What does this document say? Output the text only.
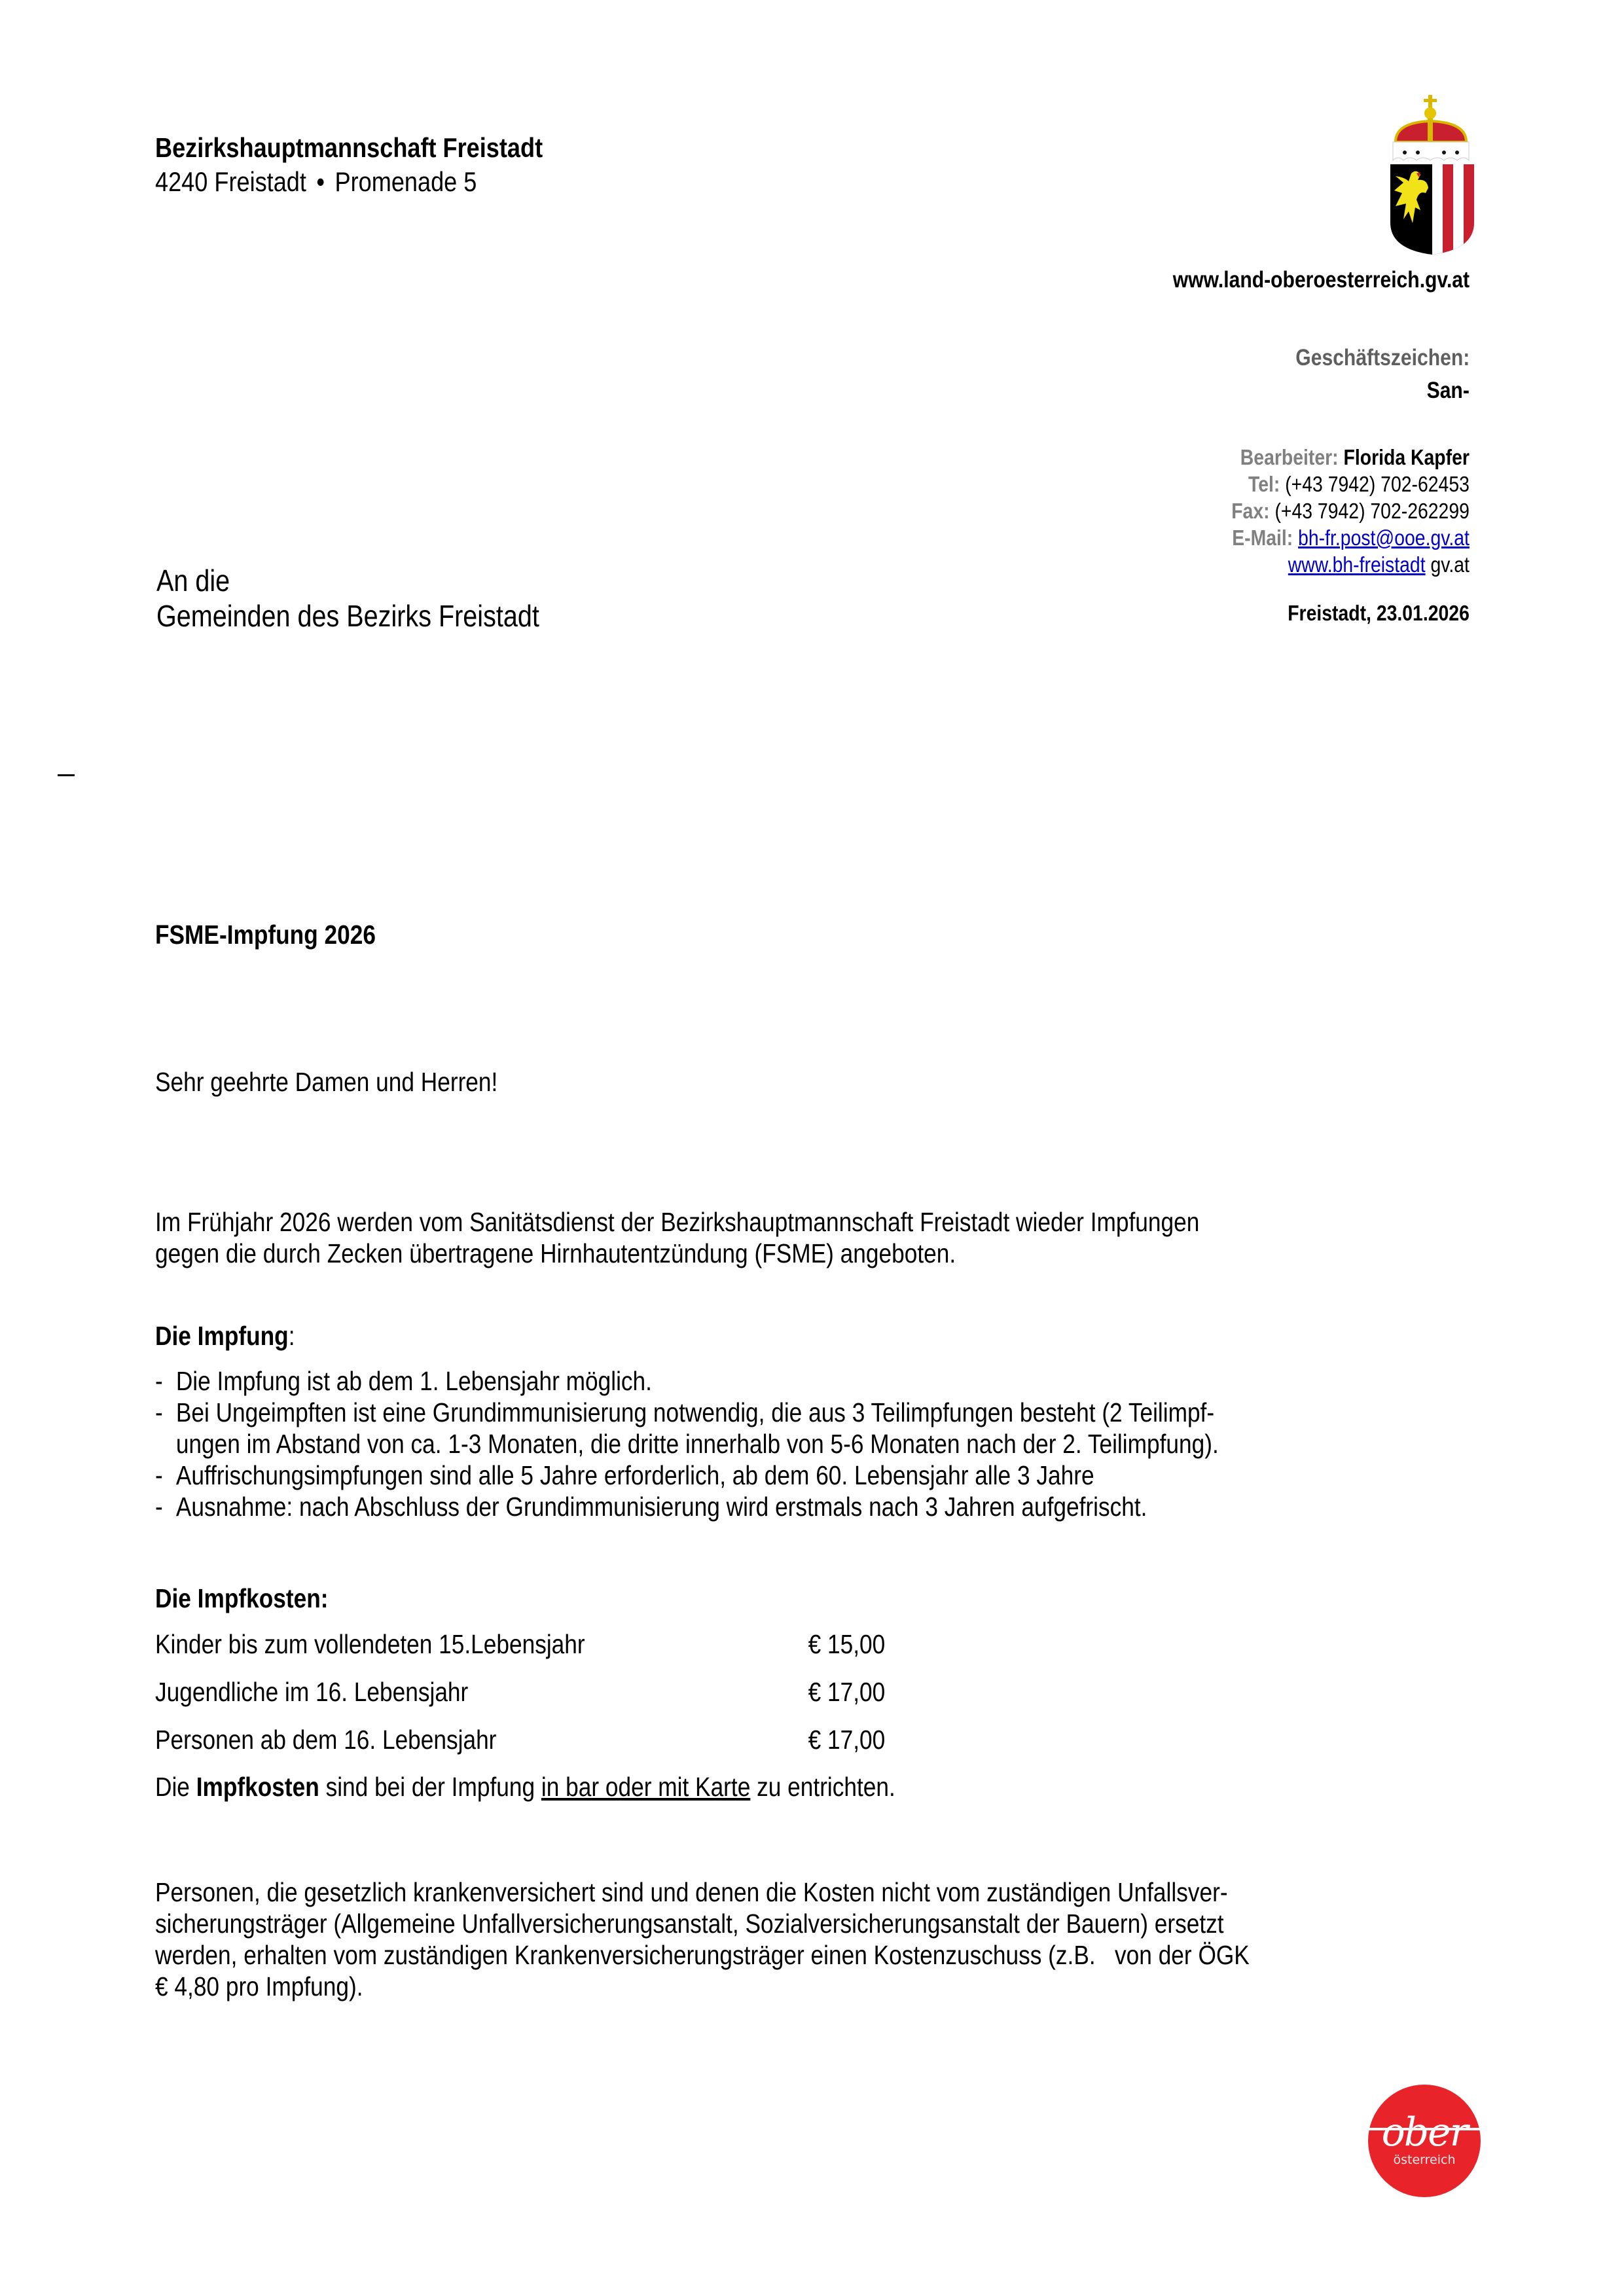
Bezirkshauptmannschaft Freistadt
4240 Freistadt • Promenade 5
www.land-oberoesterreich.gv.at
Geschäftszeichen:
San-
Bearbeiter: Florida Kapfer
Tel: (+43 7942) 702-62453
Fax: (+43 7942) 702-262299
E-Mail: bh-fr.post@ooe.gv.at
www.bh-freistadt gv.at
Freistadt, 23.01.2026
An die
Gemeinden des Bezirks Freistadt
FSME-Impfung 2026
Sehr geehrte Damen und Herren!
Im Frühjahr 2026 werden vom Sanitätsdienst der Bezirkshauptmannschaft Freistadt wieder Impfungen
gegen die durch Zecken übertragene Hirnhautentzündung (FSME) angeboten.
Die Impfung:
- Die Impfung ist ab dem 1. Lebensjahr möglich.
- Bei Ungeimpften ist eine Grundimmunisierung notwendig, die aus 3 Teilimpfungen besteht (2 Teilimpf-
ungen im Abstand von ca. 1-3 Monaten, die dritte innerhalb von 5-6 Monaten nach der 2. Teilimpfung).
- Auffrischungsimpfungen sind alle 5 Jahre erforderlich, ab dem 60. Lebensjahr alle 3 Jahre
- Ausnahme: nach Abschluss der Grundimmunisierung wird erstmals nach 3 Jahren aufgefrischt.
Die Impfkosten:
Kinder bis zum vollendeten 15.Lebensjahr	€ 15,00
Jugendliche im 16. Lebensjahr	€ 17,00
Personen ab dem 16. Lebensjahr	€ 17,00
Die Impfkosten sind bei der Impfung in bar oder mit Karte zu entrichten.
Personen, die gesetzlich krankenversichert sind und denen die Kosten nicht vom zuständigen Unfallsver-
sicherungsträger (Allgemeine Unfallversicherungsanstalt, Sozialversicherungsanstalt der Bauern) ersetzt
werden, erhalten vom zuständigen Krankenversicherungsträger einen Kostenzuschuss (z.B.   von der ÖGK
€ 4,80 pro Impfung).
ober
österreich
